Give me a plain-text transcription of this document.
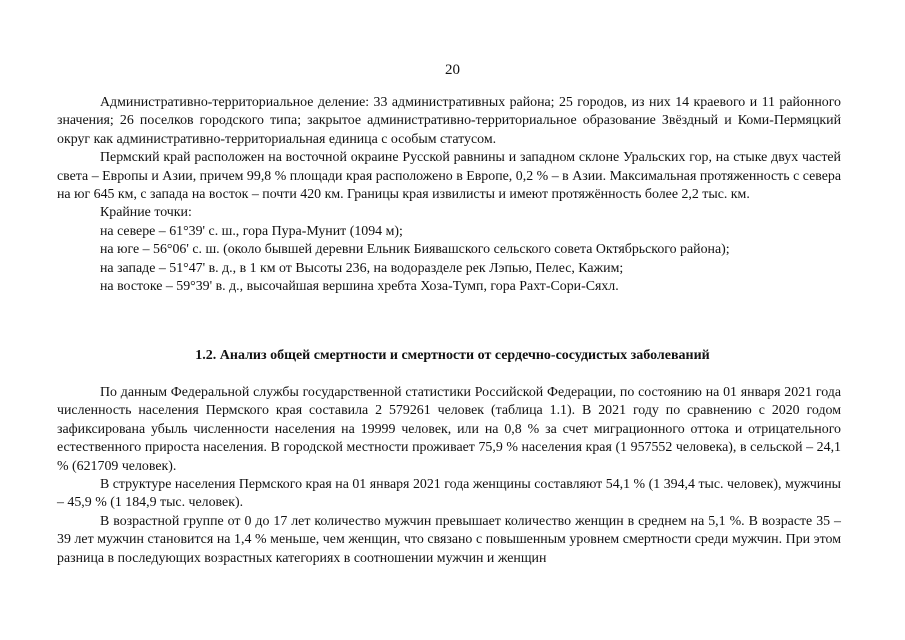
20

Административно-территориальное деление: 33 административных района; 25 городов, из них 14 краевого и 11 районного значения; 26 поселков городского типа; закрытое административно-территориальное образование Звёздный и Коми-Пермяцкий округ как административно-территориальная единица с особым статусом.

Пермский край расположен на восточной окраине Русской равнины и западном склоне Уральских гор, на стыке двух частей света – Европы и Азии, причем 99,8 % площади края расположено в Европе, 0,2 % – в Азии. Максимальная протяженность с севера на юг 645 км, с запада на восток – почти 420 км. Границы края извилисты и имеют протяжённость более 2,2 тыс. км.

Крайние точки:

на севере – 61°39' с. ш., гора Пура-Мунит (1094 м);
на юге – 56°06' с. ш. (около бывшей деревни Ельник Биявашского сельского совета Октябрьского района);
на западе – 51°47' в. д., в 1 км от Высоты 236, на водоразделе рек Лэпью, Пелес, Кажим;
на востоке – 59°39' в. д., высочайшая вершина хребта Хоза-Тумп, гора Рахт-Сори-Сяхл.
1.2. Анализ общей смертности и смертности от сердечно-сосудистых заболеваний

По данным Федеральной службы государственной статистики Российской Федерации, по состоянию на 01 января 2021 года численность населения Пермского края составила 2 579261 человек (таблица 1.1). В 2021 году по сравнению с 2020 годом зафиксирована убыль численности населения на 19999 человек, или на 0,8 % за счет миграционного оттока и отрицательного естественного прироста населения. В городской местности проживает 75,9 % населения края (1 957552 человека), в сельской – 24,1 % (621709 человек).

В структуре населения Пермского края на 01 января 2021 года женщины составляют 54,1 % (1 394,4 тыс. человек), мужчины – 45,9 % (1 184,9 тыс. человек).

В возрастной группе от 0 до 17 лет количество мужчин превышает количество женщин в среднем на 5,1 %. В возрасте 35 – 39 лет мужчин становится на 1,4 % меньше, чем женщин, что связано с повышенным уровнем смертности среди мужчин. При этом разница в последующих возрастных категориях в соотношении мужчин и женщин
